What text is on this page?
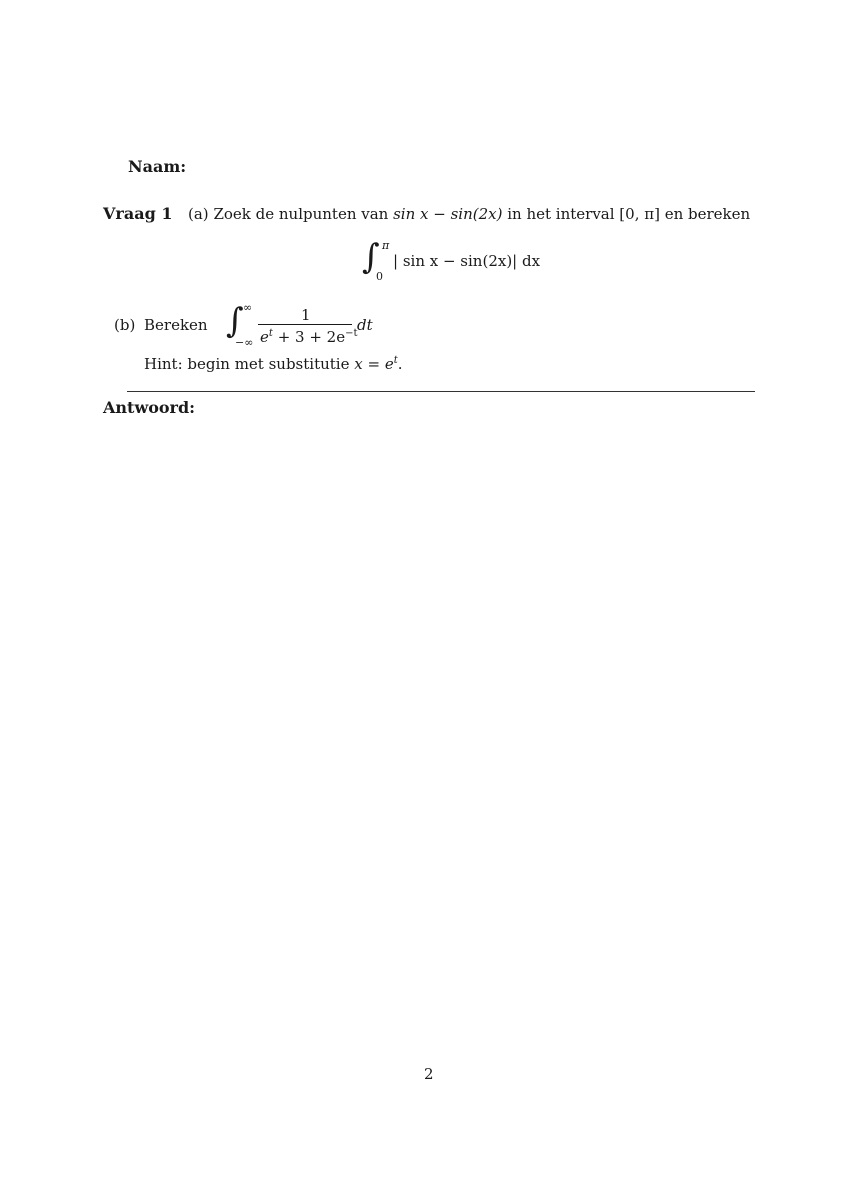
Naam:
Vraag 1 (a) Zoek de nulpunten van sin x − sin(2x) in het interval [0, π] en bereken
∫ π
0
| sin x − sin(2x)| dx
(b) Bereken ∫ ∞
−∞
1
$e^t + 3 + 2e^{-t}$ dt
Hint: begin met substitutie $x = e^t$.
Antwoord:
2
